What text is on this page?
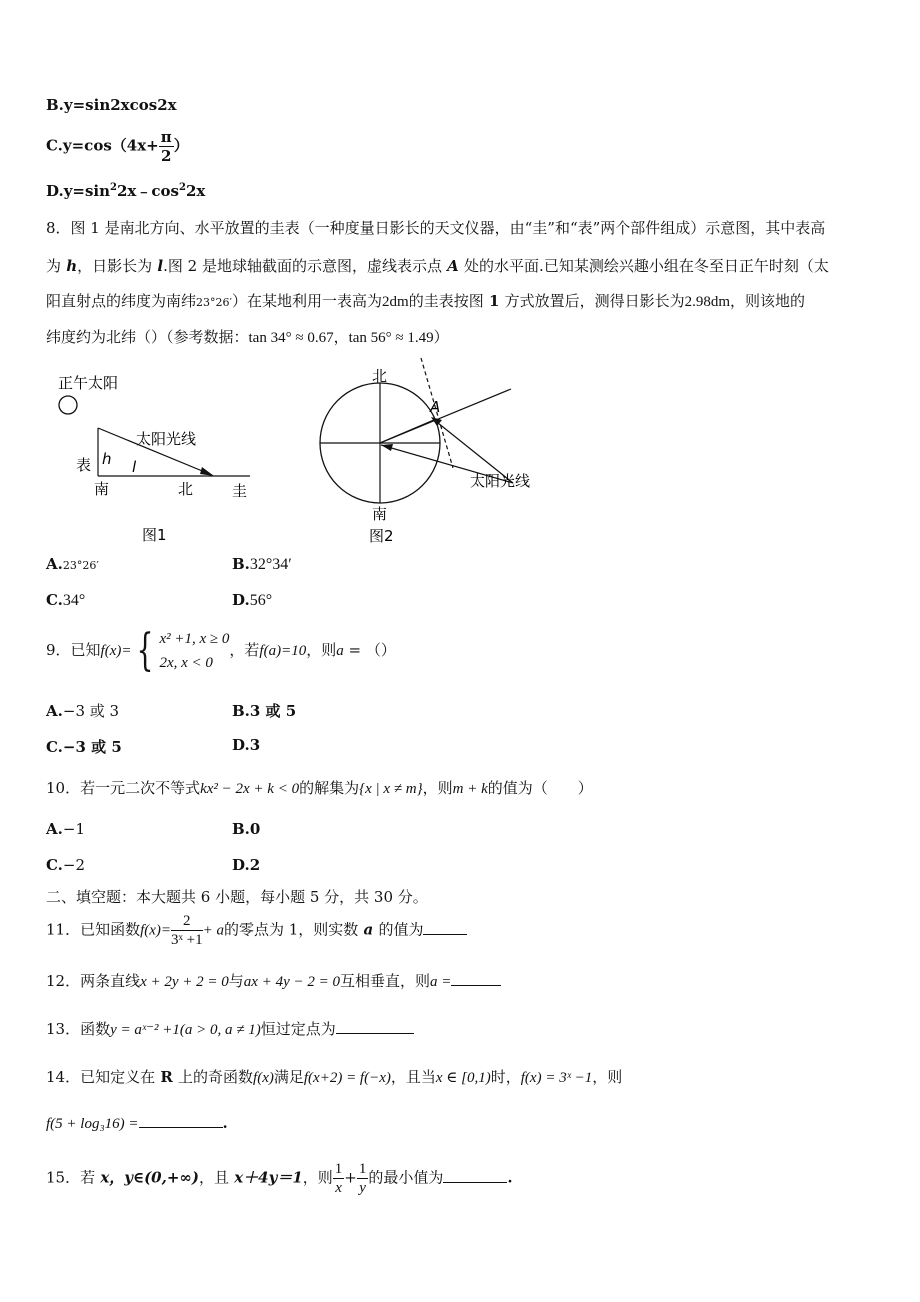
B.y=sin2xcos2x
$C.y=\cos(4x+ \frac{\pi}{2}$ ）
$D.y=\sin^22x﹣\cos^22x$
8．图 1 是南北方向、水平放置的圭表（一种度量日影长的天文仪器，由“圭”和“表”两个部件组成）示意图，其中表高
为 h，日影长为 l.图 2 是地球轴截面的示意图，虚线表示点 A 处的水平面.已知某测绘兴趣小组在冬至日正午时刻（太
阳直射点的纬度为南纬23°26′）在某地利用一表高为2dm的圭表按图 1 方式放置后，测得日影长为2.98dm，则该地的
纬度约为北纬（）（参考数据：tan 34° ≈ 0.67，tan 56° ≈ 1.49）
正午太阳
太阳光线
表 h l
南	北	圭
图1
北
A
太阳光线
南
图2
A.23°26′	B.32°34′
C.34°	D.56°
9．已知f(x)= { x² +1, x ≥ 0
2x, x < 0
，若f(a)=10，则a = （）
A.−3 或 3	B.3 或 5
C.−3 或 5	D.3
10．若一元二次不等式kx² − 2x + k < 0的解集为{x | x ≠ m}，则m + k的值为（　　）
A.−1	B.0
C.−2	D.2
二、填空题：本大题共 6 小题，每小题 5 分，共 30 分。
11．已知函数$f(x)= \frac{2}{\text{3ˣ +1}} + a$的零点为 1，则实数 a 的值为
12．两条直线x + 2y + 2 = 0与ax + 4y − 2 = 0互相垂直，则a =
13．函数y = aˣ⁻² +1(a > 0, a ≠ 1)恒过定点为
14．已知定义在 R 上的奇函数f(x)满足f(x+2) = f(−x)，且当x ∈ [0,1)时，f(x) = 3ˣ −1，则
f(5 + log₃16) =	.
15．若 x，y∈(0,+∞)，且 x＋4y＝1，则 $\frac{1}{x} + \frac{1}{y}$ 的最小值为	.
